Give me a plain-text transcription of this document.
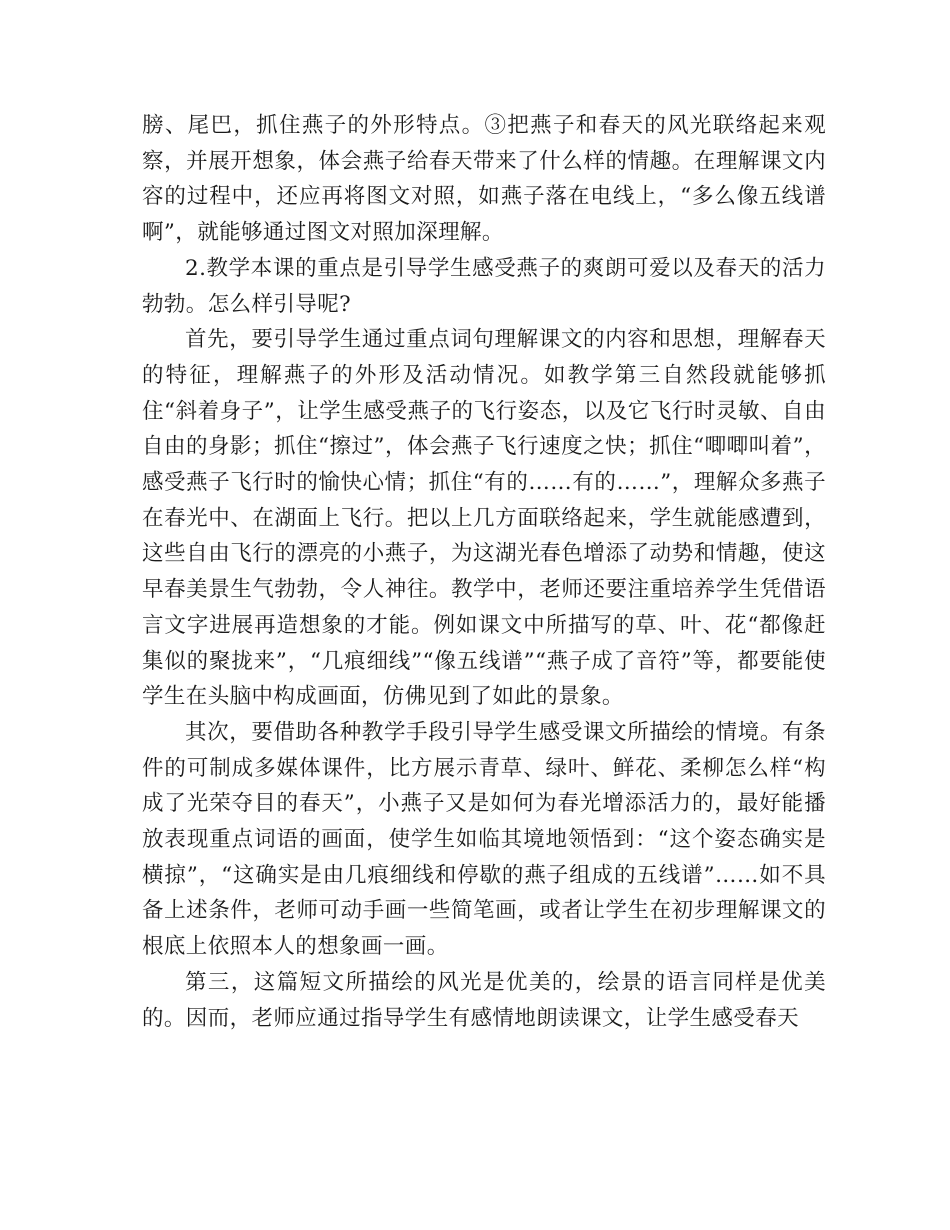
膀、尾巴，抓住燕子的外形特点。③把燕子和春天的风光联络起来观察，并展开想象，体会燕子给春天带来了什么样的情趣。在理解课文内容的过程中，还应再将图文对照，如燕子落在电线上，“多么像五线谱啊”，就能够通过图文对照加深理解。

2.教学本课的重点是引导学生感受燕子的爽朗可爱以及春天的活力勃勃。怎么样引导呢?

首先，要引导学生通过重点词句理解课文的内容和思想，理解春天的特征，理解燕子的外形及活动情况。如教学第三自然段就能够抓住“斜着身子”，让学生感受燕子的飞行姿态，以及它飞行时灵敏、自由自由的身影；抓住“擦过”，体会燕子飞行速度之快；抓住“唧唧叫着”，感受燕子飞行时的愉快心情；抓住“有的……有的……”，理解众多燕子在春光中、在湖面上飞行。把以上几方面联络起来，学生就能感遭到，这些自由飞行的漂亮的小燕子，为这湖光春色增添了动势和情趣，使这早春美景生气勃勃，令人神往。教学中，老师还要注重培养学生凭借语言文字进展再造想象的才能。例如课文中所描写的草、叶、花“都像赶集似的聚拢来”，“几痕细线”“像五线谱”“燕子成了音符”等，都要能使学生在头脑中构成画面，仿佛见到了如此的景象。

其次，要借助各种教学手段引导学生感受课文所描绘的情境。有条件的可制成多媒体课件，比方展示青草、绿叶、鲜花、柔柳怎么样“构成了光荣夺目的春天”，小燕子又是如何为春光增添活力的，最好能播放表现重点词语的画面，使学生如临其境地领悟到：“这个姿态确实是横掠”，“这确实是由几痕细线和停歇的燕子组成的五线谱”……如不具备上述条件，老师可动手画一些简笔画，或者让学生在初步理解课文的根底上依照本人的想象画一画。

第三，这篇短文所描绘的风光是优美的，绘景的语言同样是优美的。因而，老师应通过指导学生有感情地朗读课文，让学生感受春天
